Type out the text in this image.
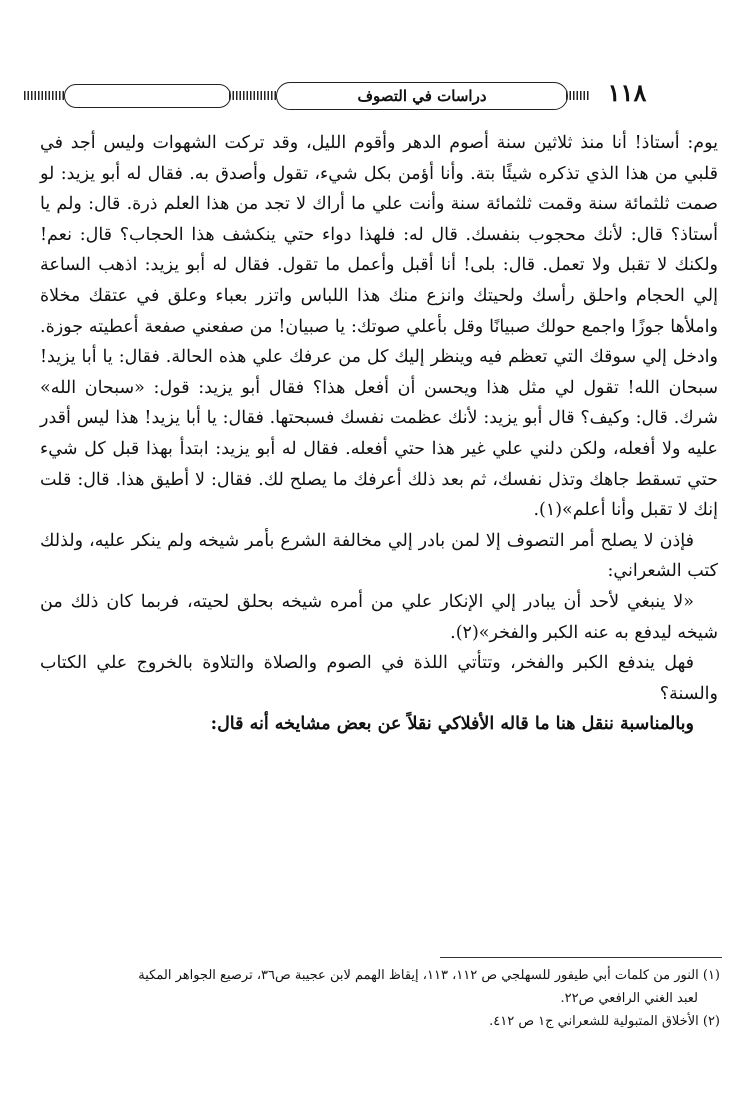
١١٨
دراسات في التصوف

يوم: أستاذ! أنا منذ ثلاثين سنة أصوم الدهر وأقوم الليل، وقد تركت الشهوات وليس أجد في قلبي من هذا الذي تذكره شيئًا بتة. وأنا أؤمن بكل شيء، تقول وأصدق به. فقال له أبو يزيد: لو صمت ثلثمائة سنة وقمت ثلثمائة سنة وأنت علي ما أراك لا تجد من هذا العلم ذرة. قال: ولم يا أستاذ؟ قال: لأنك محجوب بنفسك. قال له: فلهذا دواء حتي ينكشف هذا الحجاب؟ قال: نعم! ولكنك لا تقبل ولا تعمل. قال: بلى! أنا أقبل وأعمل ما تقول. فقال له أبو يزيد: اذهب الساعة إلي الحجام واحلق رأسك ولحيتك وانزع منك هذا اللباس واتزر بعباء وعلق في عتقك مخلاة واملأها جوزًا واجمع حولك صبيانًا وقل بأعلي صوتك: يا صبيان! من صفعني صفعة أعطيته جوزة. وادخل إلي سوقك التي تعظم فيه وينظر إليك كل من عرفك علي هذه الحالة. فقال: يا أبا يزيد! سبحان الله! تقول لي مثل هذا ويحسن أن أفعل هذا؟ فقال أبو يزيد: قول: «سبحان الله» شرك. قال: وكيف؟ قال أبو يزيد: لأنك عظمت نفسك فسبحتها. فقال: يا أبا يزيد! هذا ليس أقدر عليه ولا أفعله، ولكن دلني علي غير هذا حتي أفعله. فقال له أبو يزيد: ابتدأ بهذا قبل كل شيء حتي تسقط جاهك وتذل نفسك، ثم بعد ذلك أعرفك ما يصلح لك. فقال: لا أطيق هذا. قال: قلت إنك لا تقبل وأنا أعلم»(١).

فإذن لا يصلح أمر التصوف إلا لمن بادر إلي مخالفة الشرع بأمر شيخه ولم ينكر عليه، ولذلك كتب الشعراني:

«لا ينبغي لأحد أن يبادر إلي الإنكار علي من أمره شيخه بحلق لحيته، فربما كان ذلك من شيخه ليدفع به عنه الكبر والفخر»(٢).

فهل يندفع الكبر والفخر، وتتأتي اللذة في الصوم والصلاة والتلاوة بالخروج علي الكتاب والسنة؟

وبالمناسبة ننقل هنا ما قاله الأفلاكي نقلاً عن بعض مشايخه أنه قال:

(١) النور من كلمات أبي طيفور للسهلجي ص ١١٢، ١١٣، إيقاظ الهمم لابن عجيبة ص٣٦، ترصيع الجواهر المكية

لعبد الغني الرافعي ص٢٢.

(٢) الأخلاق المتبولية للشعراني ج١ ص ٤١٢.
